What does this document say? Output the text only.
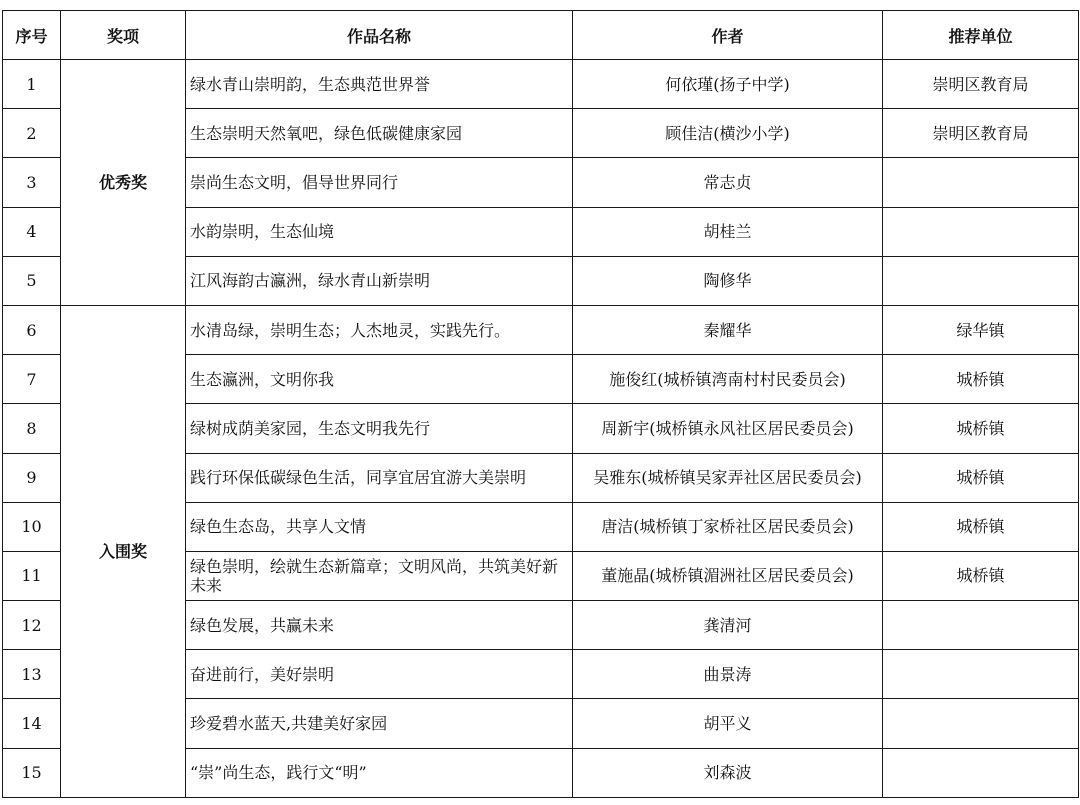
序号	奖项	作品名称	作者	推荐单位
1	优秀奖	绿水青山崇明韵，生态典范世界誉	何依瑾(扬子中学)	崇明区教育局
2		生态崇明天然氧吧，绿色低碳健康家园	顾佳洁(横沙小学)	崇明区教育局
3		崇尚生态文明，倡导世界同行	常志贞	
4		水韵崇明，生态仙境	胡桂兰	
5		江风海韵古瀛洲，绿水青山新崇明	陶修华	
6	入围奖	水清岛绿，崇明生态；人杰地灵，实践先行。	秦耀华	绿华镇
7		生态瀛洲，文明你我	施俊红(城桥镇湾南村村民委员会)	城桥镇
8		绿树成荫美家园，生态文明我先行	周新宇(城桥镇永风社区居民委员会)	城桥镇
9		践行环保低碳绿色生活，同享宜居宜游大美崇明	吴雅东(城桥镇吴家弄社区居民委员会)	城桥镇
10		绿色生态岛，共享人文情	唐洁(城桥镇丁家桥社区居民委员会)	城桥镇
11		绿色崇明，绘就生态新篇章；文明风尚，共筑美好新未来	董施晶(城桥镇湄洲社区居民委员会)	城桥镇
12		绿色发展，共赢未来	龚清河	
13		奋进前行，美好崇明	曲景涛	
14		珍爱碧水蓝天,共建美好家园	胡平义	
15		“崇”尚生态，践行文“明”	刘森波	
